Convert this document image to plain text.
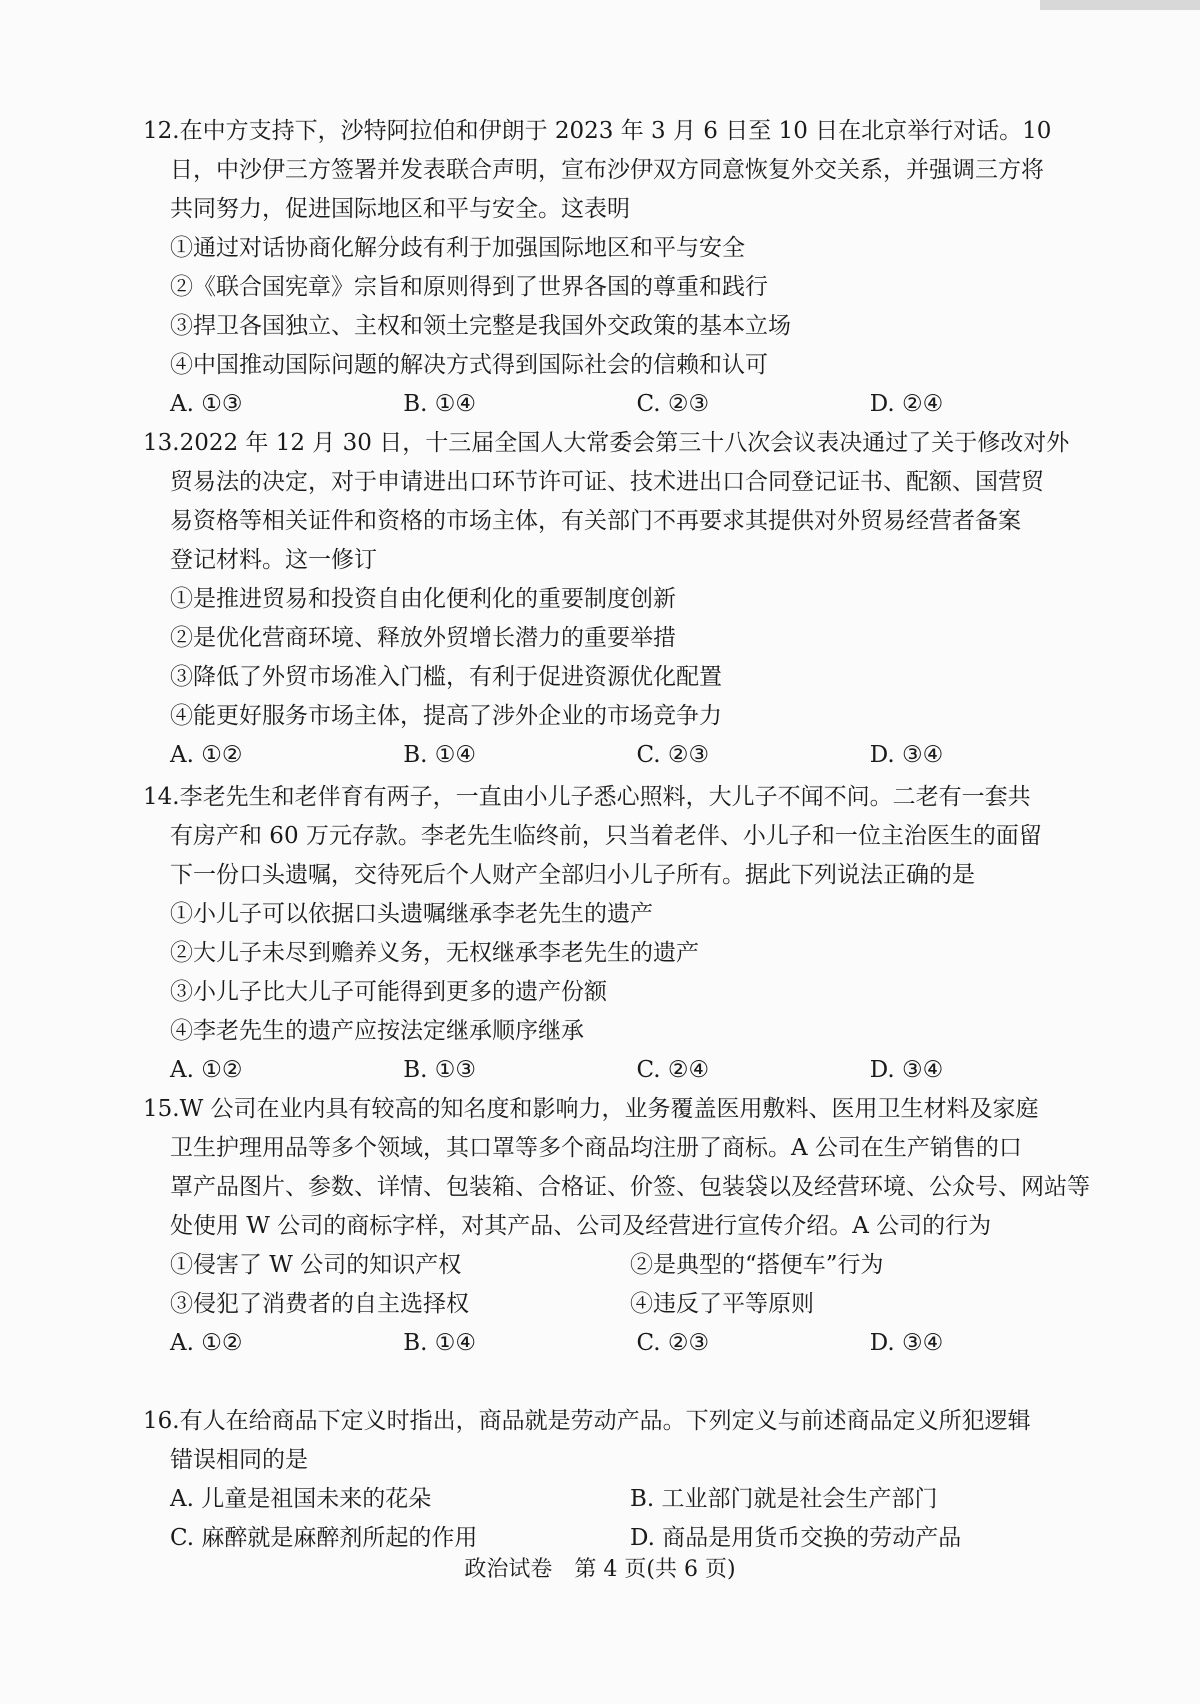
12.在中方支持下，沙特阿拉伯和伊朗于 2023 年 3 月 6 日至 10 日在北京举行对话。10
日，中沙伊三方签署并发表联合声明，宣布沙伊双方同意恢复外交关系，并强调三方将
共同努力，促进国际地区和平与安全。这表明
①通过对话协商化解分歧有利于加强国际地区和平与安全
②《联合国宪章》宗旨和原则得到了世界各国的尊重和践行
③捍卫各国独立、主权和领土完整是我国外交政策的基本立场
④中国推动国际问题的解决方式得到国际社会的信赖和认可
A. ①③	B. ①④	C. ②③	D. ②④
13.2022 年 12 月 30 日，十三届全国人大常委会第三十八次会议表决通过了关于修改对外
贸易法的决定，对于申请进出口环节许可证、技术进出口合同登记证书、配额、国营贸
易资格等相关证件和资格的市场主体，有关部门不再要求其提供对外贸易经营者备案
登记材料。这一修订
①是推进贸易和投资自由化便利化的重要制度创新
②是优化营商环境、释放外贸增长潜力的重要举措
③降低了外贸市场准入门槛，有利于促进资源优化配置
④能更好服务市场主体，提高了涉外企业的市场竞争力
A. ①②	B. ①④	C. ②③	D. ③④
14.李老先生和老伴育有两子，一直由小儿子悉心照料，大儿子不闻不问。二老有一套共
有房产和 60 万元存款。李老先生临终前，只当着老伴、小儿子和一位主治医生的面留
下一份口头遗嘱，交待死后个人财产全部归小儿子所有。据此下列说法正确的是
①小儿子可以依据口头遗嘱继承李老先生的遗产
②大儿子未尽到赡养义务，无权继承李老先生的遗产
③小儿子比大儿子可能得到更多的遗产份额
④李老先生的遗产应按法定继承顺序继承
A. ①②	B. ①③	C. ②④	D. ③④
15.W 公司在业内具有较高的知名度和影响力，业务覆盖医用敷料、医用卫生材料及家庭
卫生护理用品等多个领域，其口罩等多个商品均注册了商标。A 公司在生产销售的口
罩产品图片、参数、详情、包装箱、合格证、价签、包装袋以及经营环境、公众号、网站等
处使用 W 公司的商标字样，对其产品、公司及经营进行宣传介绍。A 公司的行为
①侵害了 W 公司的知识产权	②是典型的“搭便车”行为
③侵犯了消费者的自主选择权	④违反了平等原则
A. ①②	B. ①④	C. ②③	D. ③④
16.有人在给商品下定义时指出，商品就是劳动产品。下列定义与前述商品定义所犯逻辑
错误相同的是
A. 儿童是祖国未来的花朵	B. 工业部门就是社会生产部门
C. 麻醉就是麻醉剂所起的作用	D. 商品是用货币交换的劳动产品
政治试卷　第 4 页(共 6 页)
